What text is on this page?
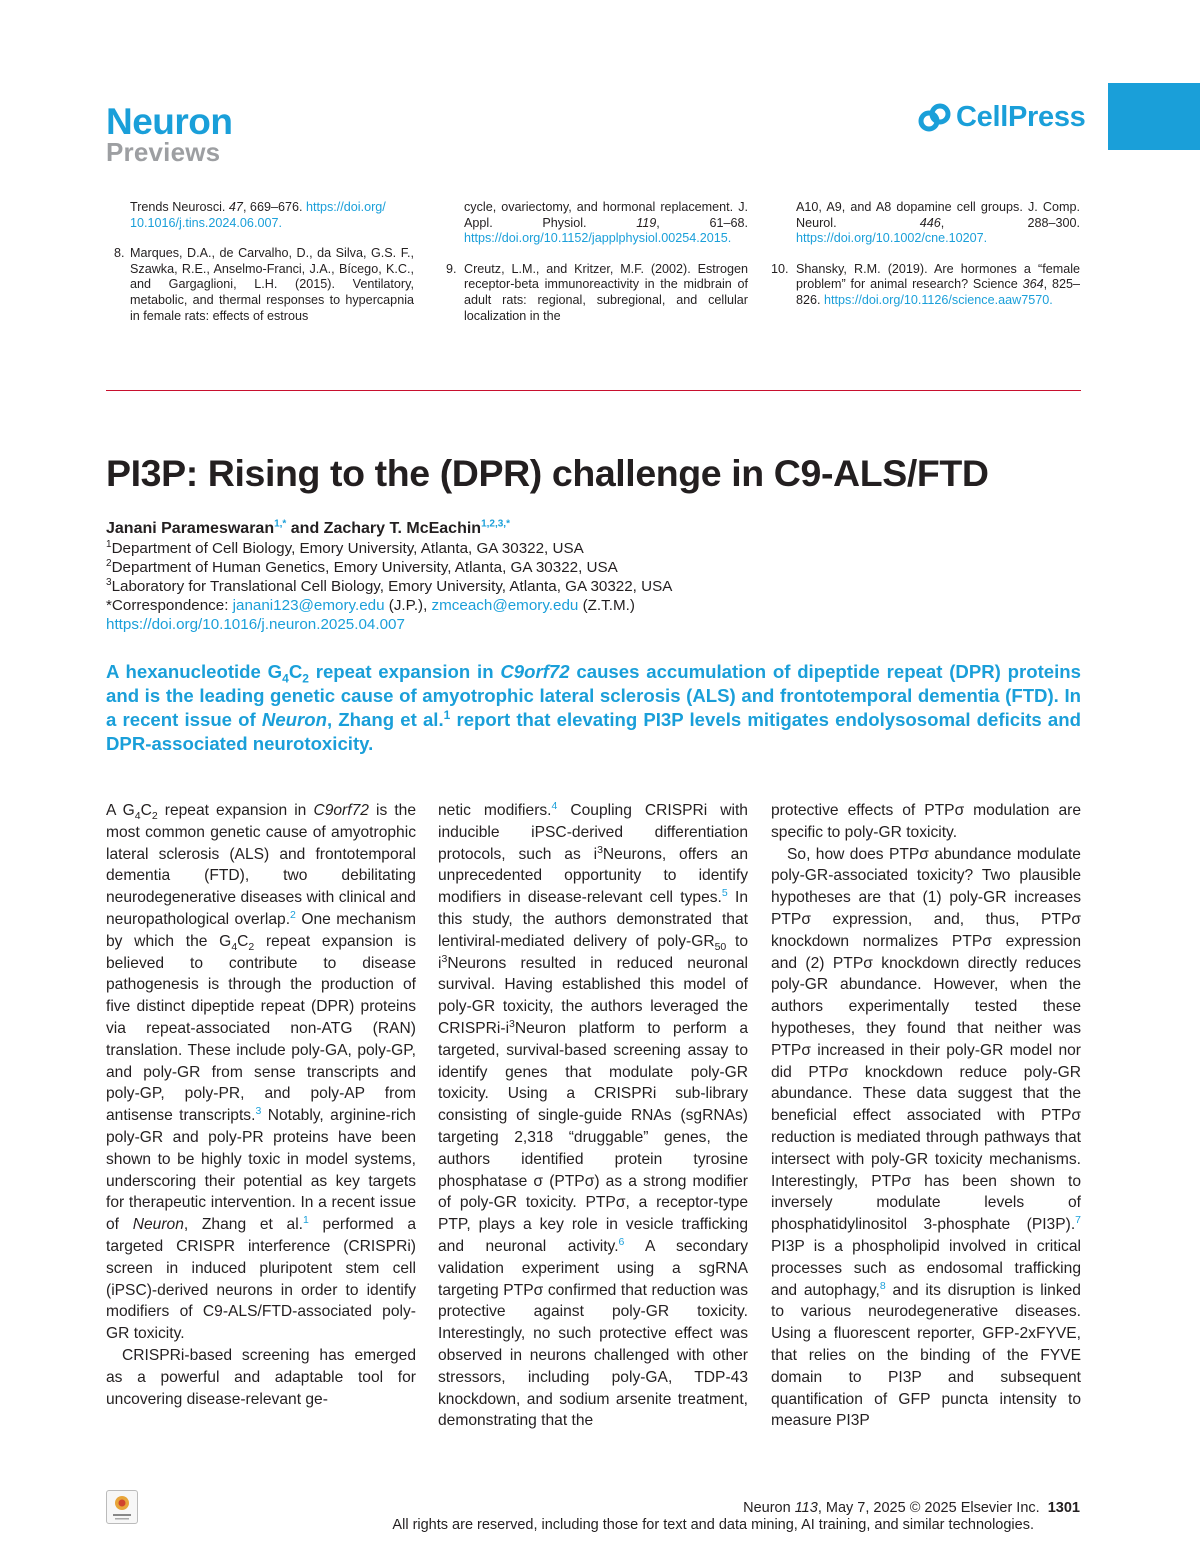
Neuron
Previews
CellPress

Trends Neurosci. 47, 669–676. https://doi.org/
10.1016/j.tins.2024.06.007.

8. Marques, D.A., de Carvalho, D., da Silva, G.S. F., Szawka, R.E., Anselmo-Franci, J.A., Bícego, K.C., and Gargaglioni, L.H. (2015). Ventilatory, metabolic, and thermal responses to hypercapnia in female rats: effects of estrous

cycle, ovariectomy, and hormonal replacement. J. Appl. Physiol. 119, 61–68. https://doi.org/10.1152/japplphysiol.00254.2015.

9. Creutz, L.M., and Kritzer, M.F. (2002). Estrogen receptor-beta immunoreactivity in the midbrain of adult rats: regional, subregional, and cellular localization in the

A10, A9, and A8 dopamine cell groups. J. Comp. Neurol. 446, 288–300. https://doi.org/10.1002/cne.10207.

10. Shansky, R.M. (2019). Are hormones a “female problem” for animal research? Science 364, 825–826. https://doi.org/10.1126/science.aaw7570.
PI3P: Rising to the (DPR) challenge in C9-ALS/FTD
Janani Parameswaran$^{1,*}$ and Zachary T. McEachin$^{1,2,3,*}$
$^1$Department of Cell Biology, Emory University, Atlanta, GA 30322, USA
$^2$Department of Human Genetics, Emory University, Atlanta, GA 30322, USA
$^3$Laboratory for Translational Cell Biology, Emory University, Atlanta, GA 30322, USA
*Correspondence: janani123@emory.edu (J.P.), zmceach@emory.edu (Z.T.M.)
https://doi.org/10.1016/j.neuron.2025.04.007

A hexanucleotide $G_4C_2$ repeat expansion in C9orf72 causes accumulation of dipeptide repeat (DPR) proteins and is the leading genetic cause of amyotrophic lateral sclerosis (ALS) and frontotemporal dementia (FTD). In a recent issue of Neuron, Zhang et al.$^1$ report that elevating PI3P levels mitigates endolysosomal deficits and DPR-associated neurotoxicity.

A $G_4C_2$ repeat expansion in C9orf72 is the most common genetic cause of amyotrophic lateral sclerosis (ALS) and frontotemporal dementia (FTD), two debilitating neurodegenerative diseases with clinical and neuropathological overlap.$^2$ One mechanism by which the $G_4C_2$ repeat expansion is believed to contribute to disease pathogenesis is through the production of five distinct dipeptide repeat (DPR) proteins via repeat-associated non-ATG (RAN) translation. These include poly-GA, poly-GP, and poly-GR from sense transcripts and poly-GP, poly-PR, and poly-AP from antisense transcripts.$^3$ Notably, arginine-rich poly-GR and poly-PR proteins have been shown to be highly toxic in model systems, underscoring their potential as key targets for therapeutic intervention. In a recent issue of Neuron, Zhang et al.$^1$ performed a targeted CRISPR interference (CRISPRi) screen in induced pluripotent stem cell (iPSC)-derived neurons in order to identify modifiers of C9-ALS/FTD-associated poly-GR toxicity.

CRISPRi-based screening has emerged as a powerful and adaptable tool for uncovering disease-relevant ge-

netic modifiers.$^4$ Coupling CRISPRi with inducible iPSC-derived differentiation protocols, such as $i^3Neurons$, offers an unprecedented opportunity to identify modifiers in disease-relevant cell types.$^5$ In this study, the authors demonstrated that lentiviral-mediated delivery of poly-$GR_{50}$ to $i^3Neurons$ resulted in reduced neuronal survival. Having established this model of poly-GR toxicity, the authors leveraged the CRISPRi-$i^3Neuron$ platform to perform a targeted, survival-based screening assay to identify genes that modulate poly-GR toxicity. Using a CRISPRi sub-library consisting of single-guide RNAs (sgRNAs) targeting 2,318 “druggable” genes, the authors identified protein tyrosine phosphatase σ (PTPσ) as a strong modifier of poly-GR toxicity. PTPσ, a receptor-type PTP, plays a key role in vesicle trafficking and neuronal activity.$^6$ A secondary validation experiment using a sgRNA targeting PTPσ confirmed that reduction was protective against poly-GR toxicity. Interestingly, no such protective effect was observed in neurons challenged with other stressors, including poly-GA, TDP-43 knockdown, and sodium arsenite treatment, demonstrating that the

protective effects of PTPσ modulation are specific to poly-GR toxicity.

So, how does PTPσ abundance modulate poly-GR-associated toxicity? Two plausible hypotheses are that (1) poly-GR increases PTPσ expression, and, thus, PTPσ knockdown normalizes PTPσ expression and (2) PTPσ knockdown directly reduces poly-GR abundance. However, when the authors experimentally tested these hypotheses, they found that neither was PTPσ increased in their poly-GR model nor did PTPσ knockdown reduce poly-GR abundance. These data suggest that the beneficial effect associated with PTPσ reduction is mediated through pathways that intersect with poly-GR toxicity mechanisms. Interestingly, PTPσ has been shown to inversely modulate levels of phosphatidylinositol 3-phosphate (PI3P).$^7$ PI3P is a phospholipid involved in critical processes such as endosomal trafficking and autophagy,$^8$ and its disruption is linked to various neurodegenerative diseases. Using a fluorescent reporter, GFP-2xFYVE, that relies on the binding of the FYVE domain to PI3P and subsequent quantification of GFP puncta intensity to measure PI3P

Neuron 113, May 7, 2025 © 2025 Elsevier Inc. 1301
All rights are reserved, including those for text and data mining, AI training, and similar technologies.
